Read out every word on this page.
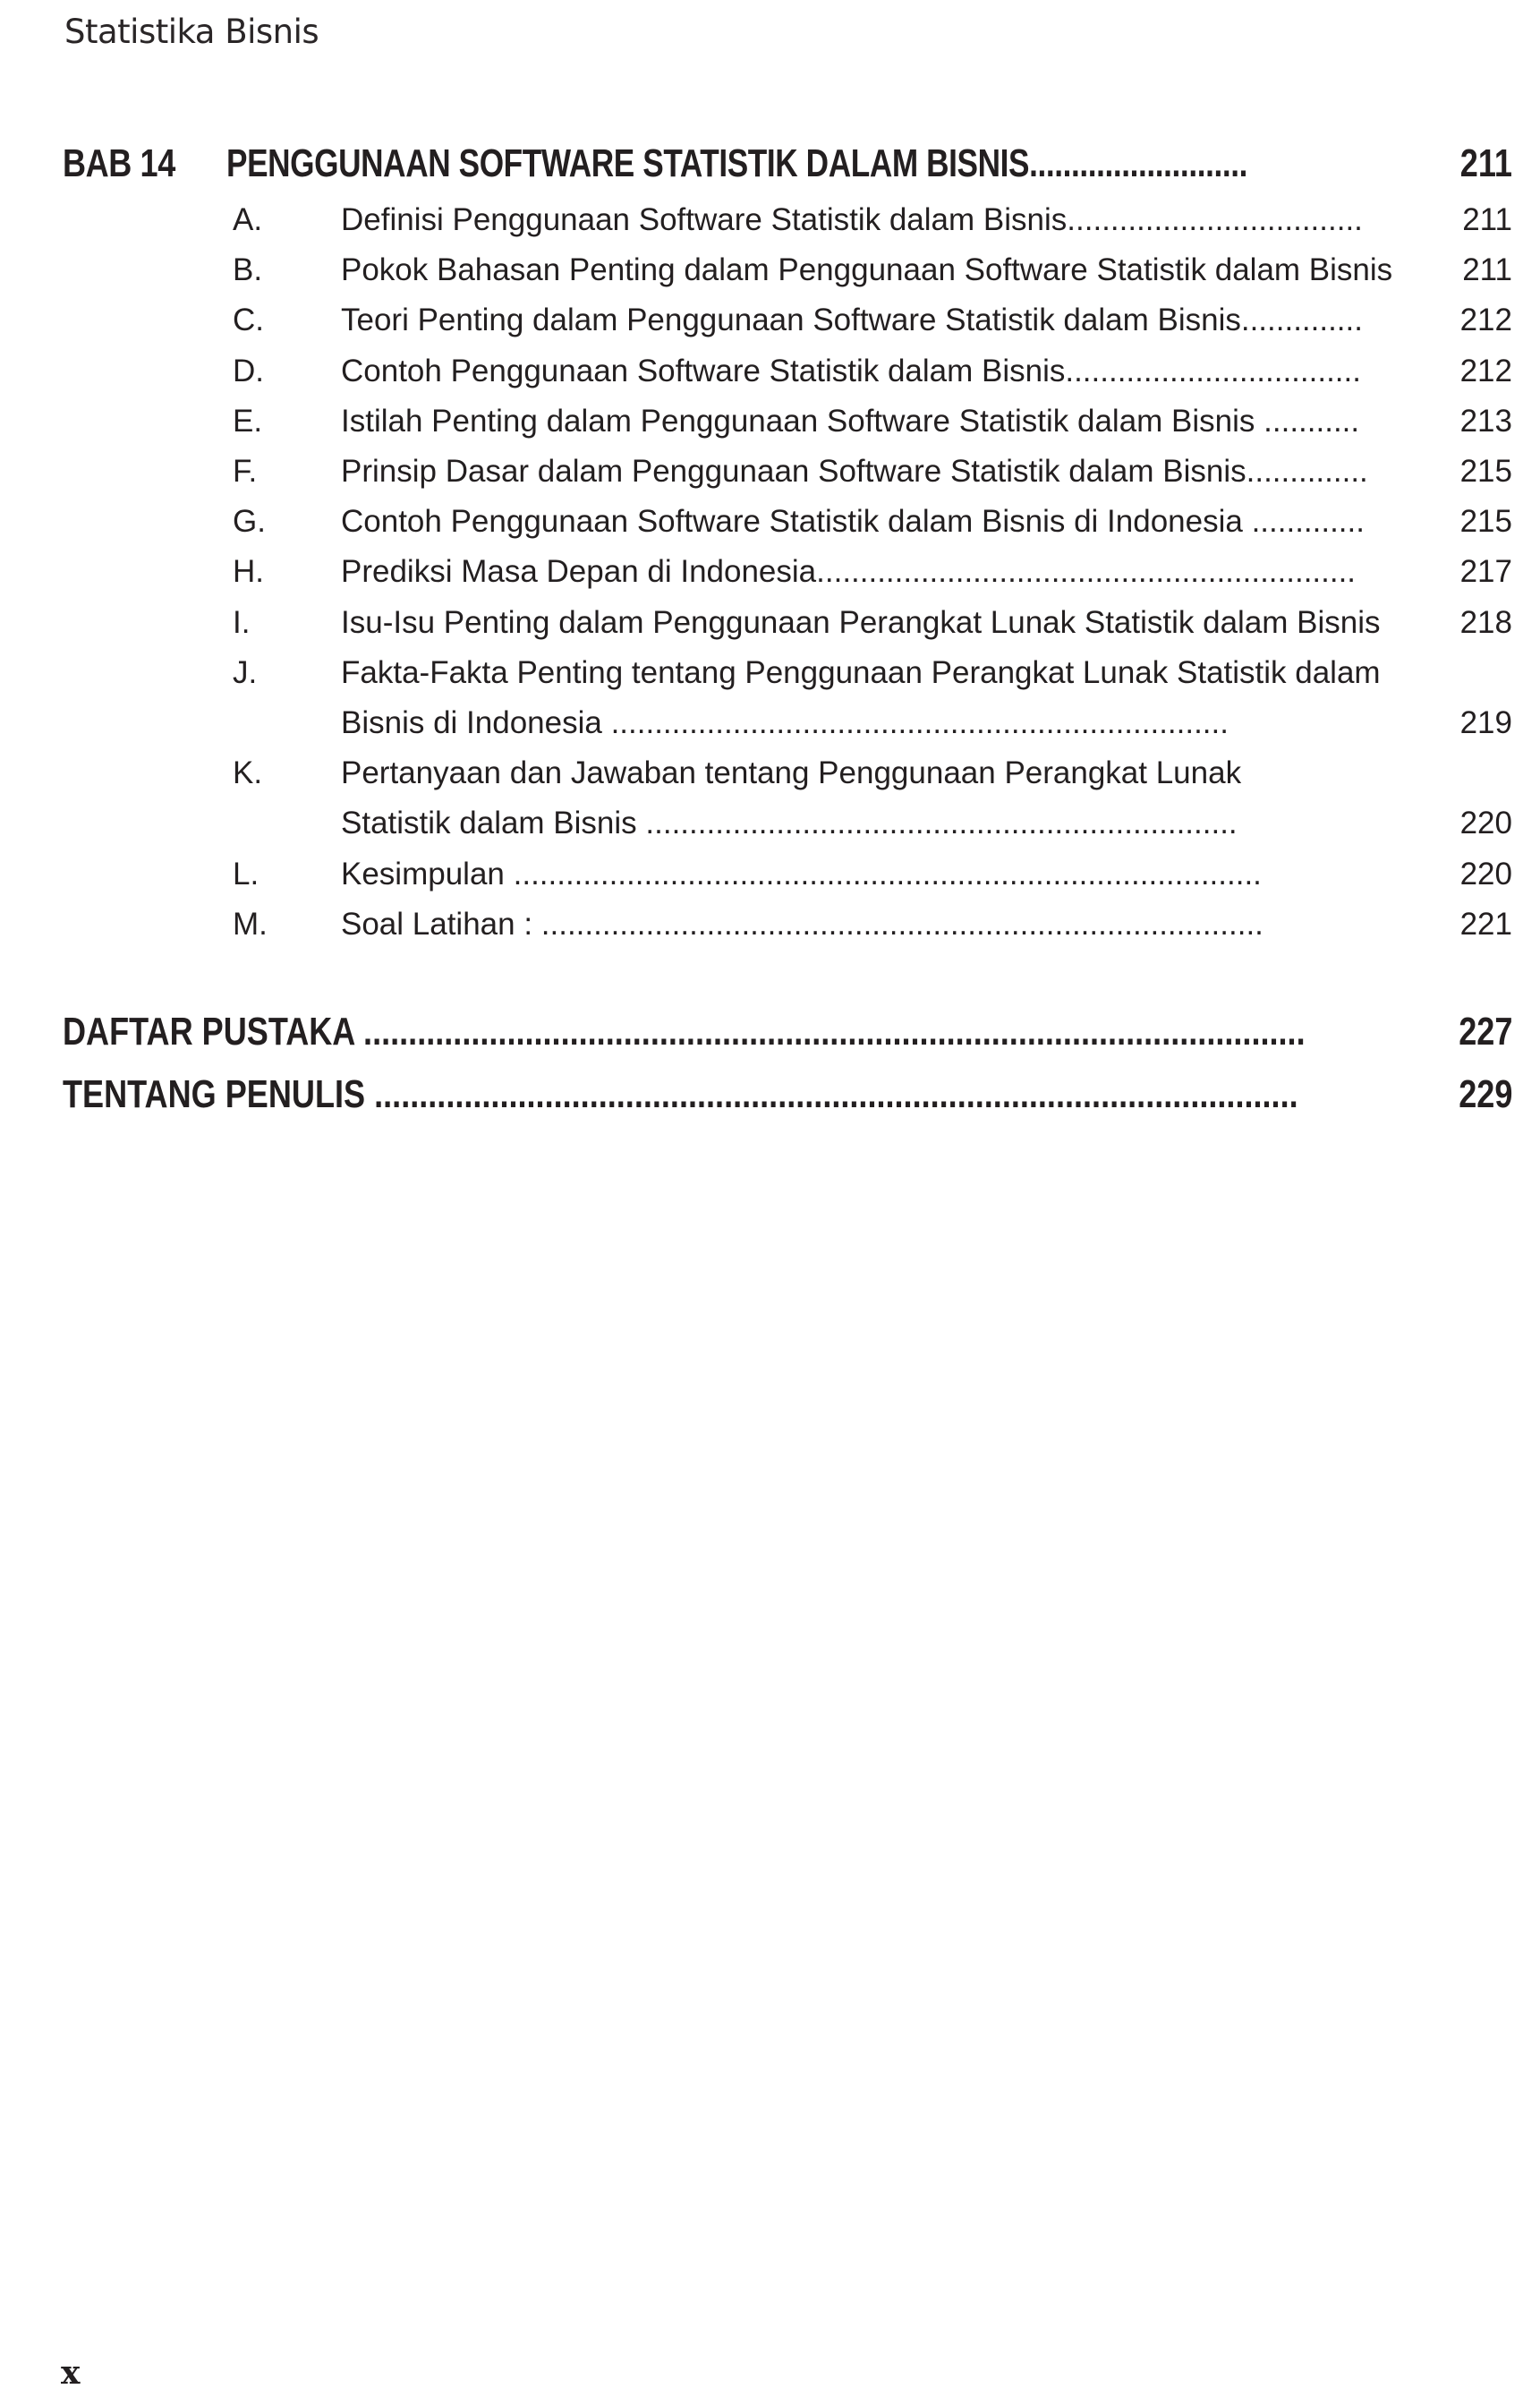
Statistika Bisnis
BAB 14 PENGGUNAAN SOFTWARE STATISTIK DALAM BISNIS..........................	211
A.	Definisi Penggunaan Software Statistik dalam Bisnis..................................	211
B.	Pokok Bahasan Penting dalam Penggunaan Software Statistik dalam Bisnis 211
C. Teori Penting dalam Penggunaan Software Statistik dalam Bisnis..............	212
D. Contoh Penggunaan Software Statistik dalam Bisnis..................................	212
E.	Istilah Penting dalam Penggunaan Software Statistik dalam Bisnis ...........	213
F.	Prinsip Dasar dalam Penggunaan Software Statistik dalam Bisnis..............	215
G. Contoh Penggunaan Software Statistik dalam Bisnis di Indonesia .............	215
H. Prediksi Masa Depan di Indonesia..............................................................	217
I.	Isu-Isu Penting dalam Penggunaan Perangkat Lunak Statistik dalam Bisnis	218
J.	Fakta-Fakta Penting tentang Penggunaan Perangkat Lunak Statistik dalam
Bisnis di Indonesia .......................................................................	219
K.	Pertanyaan dan Jawaban tentang Penggunaan Perangkat Lunak
Statistik dalam Bisnis ....................................................................	220
L.	Kesimpulan ......................................................................................	220
M. Soal Latihan : ...................................................................................	221
DAFTAR PUSTAKA .........................................................................................................	227
TENTANG PENULIS .......................................................................................................	229
x
